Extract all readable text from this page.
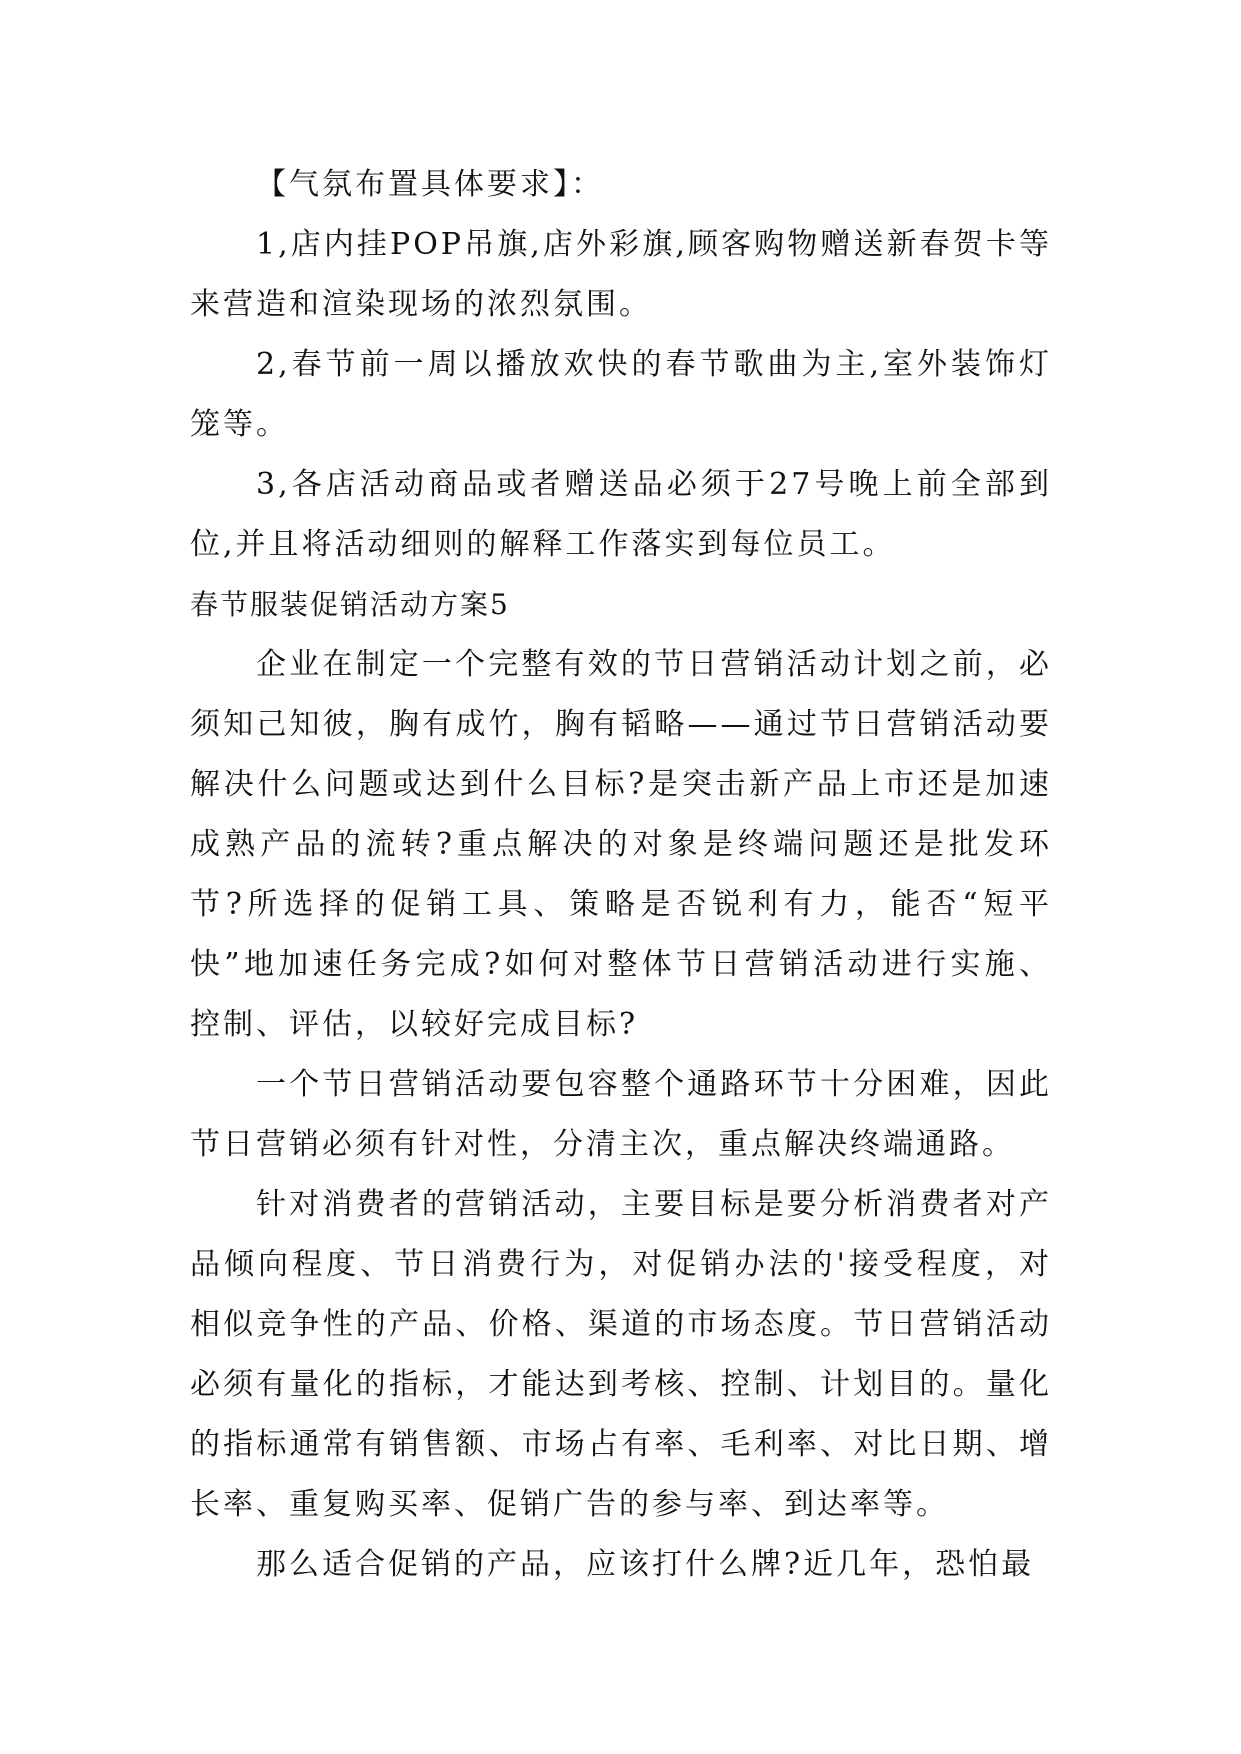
【气氛布置具体要求】：

1,店内挂POP吊旗,店外彩旗,顾客购物赠送新春贺卡等来营造和渲染现场的浓烈氛围。

2,春节前一周以播放欢快的春节歌曲为主,室外装饰灯笼等。

3,各店活动商品或者赠送品必须于27号晚上前全部到位,并且将活动细则的解释工作落实到每位员工。

春节服装促销活动方案5

企业在制定一个完整有效的节日营销活动计划之前，必须知己知彼，胸有成竹，胸有韬略——通过节日营销活动要解决什么问题或达到什么目标?是突击新产品上市还是加速成熟产品的流转?重点解决的对象是终端问题还是批发环节?所选择的促销工具、策略是否锐利有力，能否“短平快”地加速任务完成?如何对整体节日营销活动进行实施、控制、评估，以较好完成目标?

一个节日营销活动要包容整个通路环节十分困难，因此节日营销必须有针对性，分清主次，重点解决终端通路。

针对消费者的营销活动，主要目标是要分析消费者对产品倾向程度、节日消费行为，对促销办法的'接受程度，对相似竞争性的产品、价格、渠道的市场态度。节日营销活动必须有量化的指标，才能达到考核、控制、计划目的。量化的指标通常有销售额、市场占有率、毛利率、对比日期、增长率、重复购买率、促销广告的参与率、到达率等。

那么适合促销的产品，应该打什么牌?近几年，恐怕最
